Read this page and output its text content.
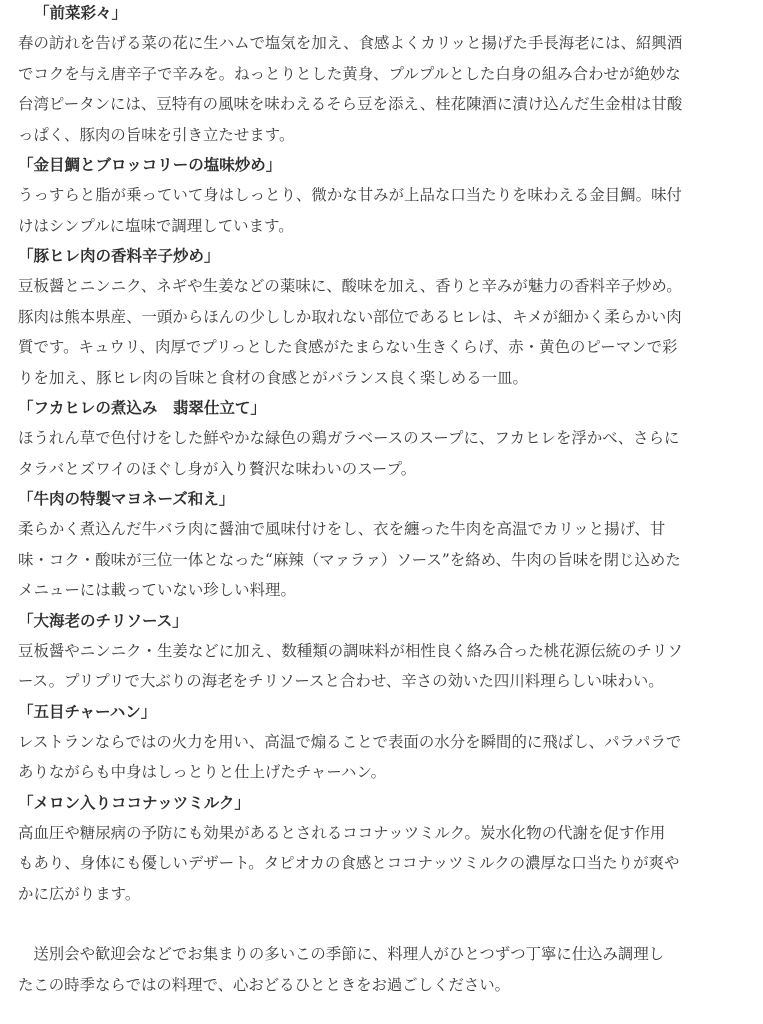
「前菜彩々」

春の訪れを告げる菜の花に生ハムで塩気を加え、食感よくカリッと揚げた手長海老には、紹興酒
でコクを与え唐辛子で辛みを。ねっとりとした黄身、プルプルとした白身の組み合わせが絶妙な
台湾ピータンには、豆特有の風味を味わえるそら豆を添え、桂花陳酒に漬け込んだ生金柑は甘酸
っぱく、豚肉の旨味を引き立たせます。

「金目鯛とブロッコリーの塩味炒め」

うっすらと脂が乗っていて身はしっとり、微かな甘みが上品な口当たりを味わえる金目鯛。味付
けはシンプルに塩味で調理しています。

「豚ヒレ肉の香料辛子炒め」

豆板醤とニンニク、ネギや生姜などの薬味に、酸味を加え、香りと辛みが魅力の香料辛子炒め。
豚肉は熊本県産、一頭からほんの少ししか取れない部位であるヒレは、キメが細かく柔らかい肉
質です。キュウリ、肉厚でプリっとした食感がたまらない生きくらげ、赤・黄色のピーマンで彩
りを加え、豚ヒレ肉の旨味と食材の食感とがバランス良く楽しめる一皿。

「フカヒレの煮込み　翡翠仕立て」

ほうれん草で色付けをした鮮やかな緑色の鶏ガラベースのスープに、フカヒレを浮かべ、さらに
タラバとズワイのほぐし身が入り贅沢な味わいのスープ。

「牛肉の特製マヨネーズ和え」

柔らかく煮込んだ牛バラ肉に醤油で風味付けをし、衣を纏った牛肉を高温でカリッと揚げ、甘
味・コク・酸味が三位一体となった“麻辣（マァラァ）ソース”を絡め、牛肉の旨味を閉じ込めた
メニューには載っていない珍しい料理。

「大海老のチリソース」

豆板醤やニンニク・生姜などに加え、数種類の調味料が相性良く絡み合った桃花源伝統のチリソ
ース。プリプリで大ぶりの海老をチリソースと合わせ、辛さの効いた四川料理らしい味わい。

「五目チャーハン」

レストランならではの火力を用い、高温で煽ることで表面の水分を瞬間的に飛ばし、パラパラで
ありながらも中身はしっとりと仕上げたチャーハン。

「メロン入りココナッツミルク」

高血圧や糖尿病の予防にも効果があるとされるココナッツミルク。炭水化物の代謝を促す作用
もあり、身体にも優しいデザート。タピオカの食感とココナッツミルクの濃厚な口当たりが爽や
かに広がります。

　送別会や歓迎会などでお集まりの多いこの季節に、料理人がひとつずつ丁寧に仕込み調理し
たこの時季ならではの料理で、心おどるひとときをお過ごしください。
